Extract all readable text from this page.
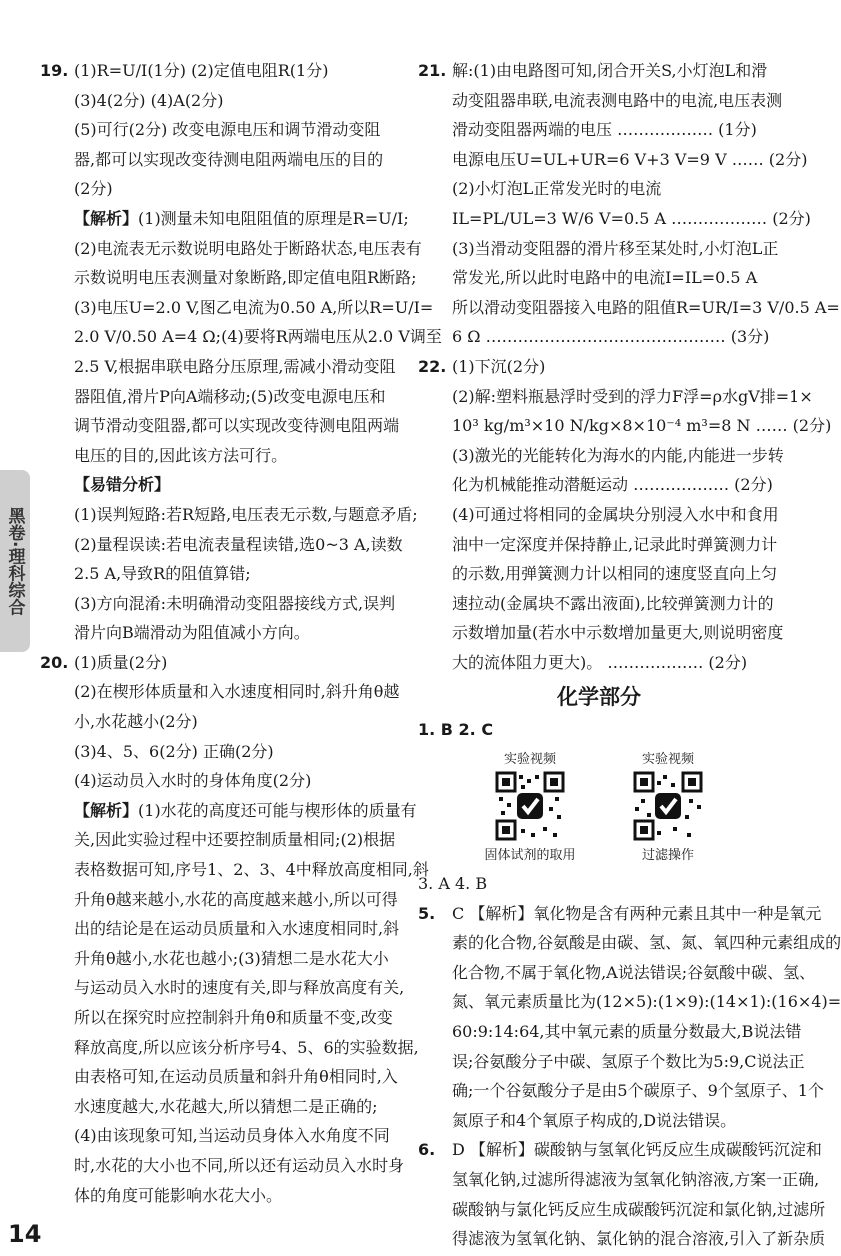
黑卷·理科综合
19. (1)R=U/I(1分) (2)定值电阻R(1分)
(3)4(2分) (4)A(2分)
(5)可行(2分) 改变电源电压和调节滑动变阻
器,都可以实现改变待测电阻两端电压的目的
(2分)
【解析】(1)测量未知电阻阻值的原理是R=U/I;
(2)电流表无示数说明电路处于断路状态,电压表有
示数说明电压表测量对象断路,即定值电阻R断路;
(3)电压U=2.0 V,图乙电流为0.50 A,所以R=U/I=
2.0 V/0.50 A=4 Ω;(4)要将R两端电压从2.0 V调至
2.5 V,根据串联电路分压原理,需减小滑动变阻
器阻值,滑片P向A端移动;(5)改变电源电压和
调节滑动变阻器,都可以实现改变待测电阻两端
电压的目的,因此该方法可行。
【易错分析】
(1)误判短路:若R短路,电压表无示数,与题意矛盾;
(2)量程误读:若电流表量程读错,选0~3 A,读数
2.5 A,导致R的阻值算错;
(3)方向混淆:未明确滑动变阻器接线方式,误判
滑片向B端滑动为阻值减小方向。
20. (1)质量(2分)
(2)在楔形体质量和入水速度相同时,斜升角θ越
小,水花越小(2分)
(3)4、5、6(2分) 正确(2分)
(4)运动员入水时的身体角度(2分)
【解析】(1)水花的高度还可能与楔形体的质量有
关,因此实验过程中还要控制质量相同;(2)根据
表格数据可知,序号1、2、3、4中释放高度相同,斜
升角θ越来越小,水花的高度越来越小,所以可得
出的结论是在运动员质量和入水速度相同时,斜
升角θ越小,水花也越小;(3)猜想二是水花大小
与运动员入水时的速度有关,即与释放高度有关,
所以在探究时应控制斜升角θ和质量不变,改变
释放高度,所以应该分析序号4、5、6的实验数据,
由表格可知,在运动员质量和斜升角θ相同时,入
水速度越大,水花越大,所以猜想二是正确的;
(4)由该现象可知,当运动员身体入水角度不同
时,水花的大小也不同,所以还有运动员入水时身
体的角度可能影响水花大小。
21. 解:(1)由电路图可知,闭合开关S,小灯泡L和滑
动变阻器串联,电流表测电路中的电流,电压表测
滑动变阻器两端的电压 ……………… (1分)
电源电压U=UL+UR=6 V+3 V=9 V …… (2分)
(2)小灯泡L正常发光时的电流
IL=PL/UL=3 W/6 V=0.5 A ……………… (2分)
(3)当滑动变阻器的滑片移至某处时,小灯泡L正
常发光,所以此时电路中的电流I=IL=0.5 A
所以滑动变阻器接入电路的阻值R=UR/I=3 V/0.5 A=
6 Ω ……………………………………… (3分)
22. (1)下沉(2分)
(2)解:塑料瓶悬浮时受到的浮力F浮=ρ水gV排=1×
10³ kg/m³×10 N/kg×8×10⁻⁴ m³=8 N …… (2分)
(3)激光的光能转化为海水的内能,内能进一步转
化为机械能推动潜艇运动 ……………… (2分)
(4)可通过将相同的金属块分别浸入水中和食用
油中一定深度并保持静止,记录此时弹簧测力计
的示数,用弹簧测力计以相同的速度竖直向上匀
速拉动(金属块不露出液面),比较弹簧测力计的
示数增加量(若水中示数增加量更大,则说明密度
大的流体阻力更大)。 ……………… (2分)
化学部分
1. B 2. C
实验视频
固体试剂的取用
实验视频
过滤操作
3. A 4. B
5. C 【解析】氧化物是含有两种元素且其中一种是氧元
素的化合物,谷氨酸是由碳、氢、氮、氧四种元素组成的
化合物,不属于氧化物,A说法错误;谷氨酸中碳、氢、
氮、氧元素质量比为(12×5):(1×9):(14×1):(16×4)=
60:9:14:64,其中氧元素的质量分数最大,B说法错
误;谷氨酸分子中碳、氢原子个数比为5:9,C说法正
确;一个谷氨酸分子是由5个碳原子、9个氢原子、1个
氮原子和4个氧原子构成的,D说法错误。
6. D 【解析】碳酸钠与氢氧化钙反应生成碳酸钙沉淀和
氢氧化钠,过滤所得滤液为氢氧化钠溶液,方案一正确,
碳酸钠与氯化钙反应生成碳酸钙沉淀和氯化钠,过滤所
得滤液为氢氧化钠、氯化钠的混合溶液,引入了新杂质
14
